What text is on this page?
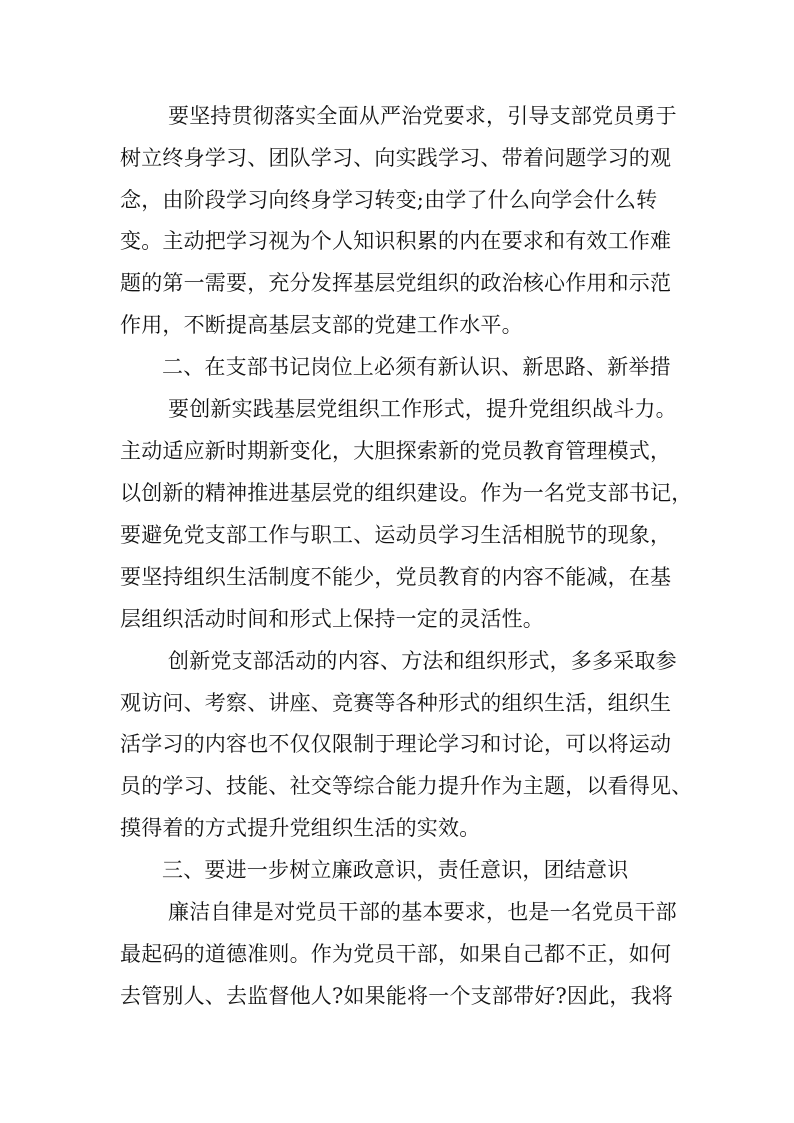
要坚持贯彻落实全面从严治党要求，引导支部党员勇于
树立终身学习、团队学习、向实践学习、带着问题学习的观
念，由阶段学习向终身学习转变;由学了什么向学会什么转
变。主动把学习视为个人知识积累的内在要求和有效工作难
题的第一需要，充分发挥基层党组织的政治核心作用和示范
作用，不断提高基层支部的党建工作水平。
二、在支部书记岗位上必须有新认识、新思路、新举措
要创新实践基层党组织工作形式，提升党组织战斗力。
主动适应新时期新变化，大胆探索新的党员教育管理模式，
以创新的精神推进基层党的组织建设。作为一名党支部书记，
要避免党支部工作与职工、运动员学习生活相脱节的现象，
要坚持组织生活制度不能少，党员教育的内容不能减，在基
层组织活动时间和形式上保持一定的灵活性。
创新党支部活动的内容、方法和组织形式，多多采取参
观访问、考察、讲座、竞赛等各种形式的组织生活，组织生
活学习的内容也不仅仅限制于理论学习和讨论，可以将运动
员的学习、技能、社交等综合能力提升作为主题，以看得见、
摸得着的方式提升党组织生活的实效。
三、要进一步树立廉政意识，责任意识，团结意识
廉洁自律是对党员干部的基本要求，也是一名党员干部
最起码的道德准则。作为党员干部，如果自己都不正，如何
去管别人、去监督他人?如果能将一个支部带好?因此，我将
